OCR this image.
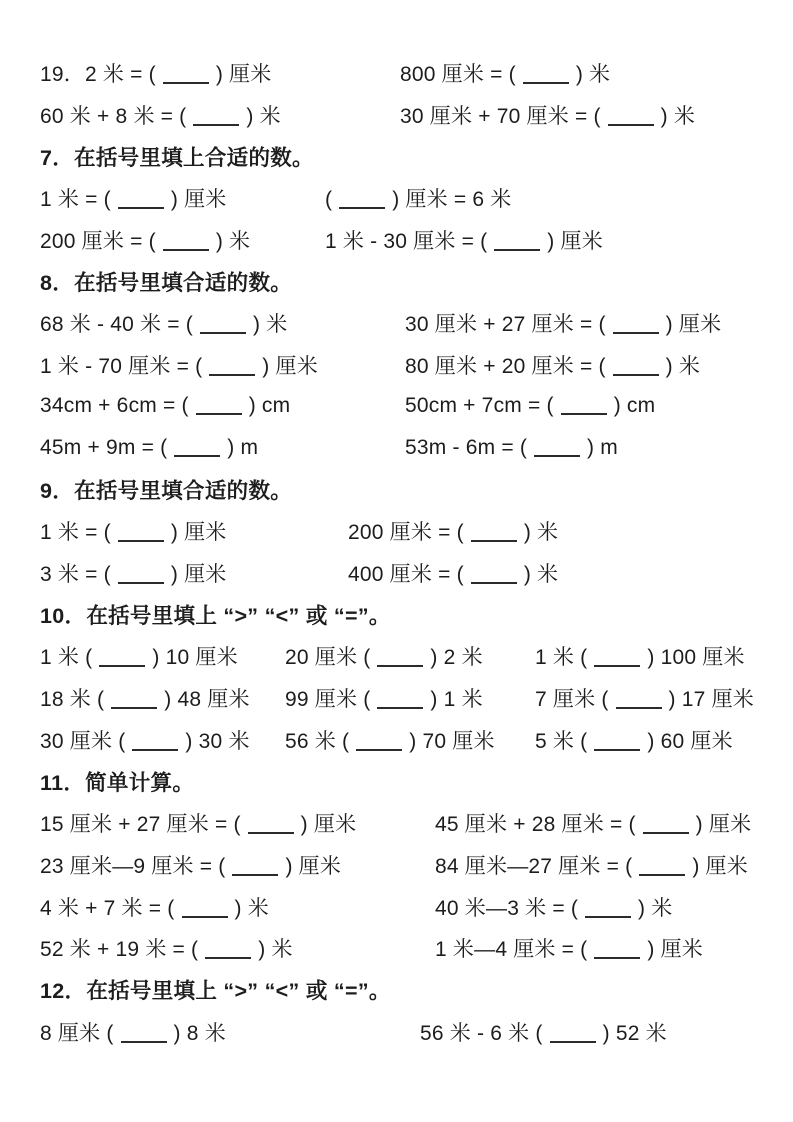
19．2 米 = (	) 厘米	800 厘米 = (	) 米
60 米 + 8 米 = (	) 米	30 厘米 + 70 厘米 = (	) 米
7．在括号里填上合适的数。
1 米 = (	) 厘米	(	) 厘米 = 6 米
200 厘米 = (	) 米	1 米 - 30 厘米 = (	) 厘米
8．在括号里填合适的数。
68 米 - 40 米 = (	) 米	30 厘米 + 27 厘米 = (	) 厘米
1 米 - 70 厘米 = (	) 厘米	80 厘米 + 20 厘米 = (	) 米
34cm + 6cm = (	) cm	50cm + 7cm = (	) cm
45m + 9m = (	) m	53m - 6m = (	) m
9．在括号里填合适的数。
1 米 = (	) 厘米	200 厘米 = (	) 米
3 米 = (	) 厘米	400 厘米 = (	) 米
10．在括号里填上 “>” “<” 或 “=”。
1 米 (	) 10 厘米	20 厘米 (	) 2 米	1 米 (	) 100 厘米
18 米 (	) 48 厘米	99 厘米 (	) 1 米	7 厘米 (	) 17 厘米
30 厘米 (	) 30 米	56 米 (	) 70 厘米	5 米 (	) 60 厘米
11．简单计算。
15 厘米 + 27 厘米 = (	) 厘米	45 厘米 + 28 厘米 = (	) 厘米
23 厘米—9 厘米 = (	) 厘米	84 厘米—27 厘米 = (	) 厘米
4 米 + 7 米 = (	) 米	40 米—3 米 = (	) 米
52 米 + 19 米 = (	) 米	1 米—4 厘米 = (	) 厘米
12．在括号里填上 “>” “<” 或 “=”。
8 厘米 (	) 8 米	56 米 - 6 米 (	) 52 米
